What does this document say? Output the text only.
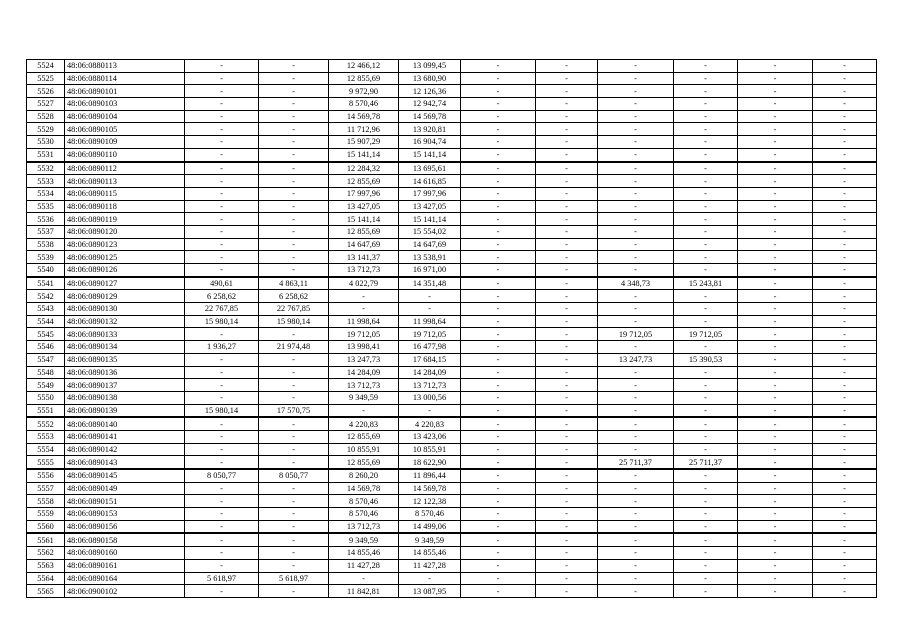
5524	48:06:0880113	-	-	12 466,12	13 099,45	-	-	-	-	-	-
5525	48:06:0880114	-	-	12 855,69	13 680,90	-	-	-	-	-	-
5526	48:06:0890101	-	-	9 972,90	12 126,36	-	-	-	-	-	-
5527	48:06:0890103	-	-	8 570,46	12 942,74	-	-	-	-	-	-
5528	48:06:0890104	-	-	14 569,78	14 569,78	-	-	-	-	-	-
5529	48:06:0890105	-	-	11 712,96	13 920,81	-	-	-	-	-	-
5530	48:06:0890109	-	-	15 907,29	16 904,74	-	-	-	-	-	-
5531	48:06:0890110	-	-	15 141,14	15 141,14	-	-	-	-	-	-
5532	48:06:0890112	-	-	12 284,32	13 695,61	-	-	-	-	-	-
5533	48:06:0890113	-	-	12 855,69	14 616,85	-	-	-	-	-	-
5534	48:06:0890115	-	-	17 997,96	17 997,96	-	-	-	-	-	-
5535	48:06:0890118	-	-	13 427,05	13 427,05	-	-	-	-	-	-
5536	48:06:0890119	-	-	15 141,14	15 141,14	-	-	-	-	-	-
5537	48:06:0890120	-	-	12 855,69	15 554,02	-	-	-	-	-	-
5538	48:06:0890123	-	-	14 647,69	14 647,69	-	-	-	-	-	-
5539	48:06:0890125	-	-	13 141,37	13 538,91	-	-	-	-	-	-
5540	48:06:0890126	-	-	13 712,73	16 971,00	-	-	-	-	-	-
5541	48:06:0890127	490,61	4 863,11	4 022,79	14 351,48	-	-	4 348,73	15 243,81	-	-
5542	48:06:0890129	6 258,62	6 258,62	-	-	-	-	-	-	-	-
5543	48:06:0890130	22 767,85	22 767,85	-	-	-	-	-	-	-	-
5544	48:06:0890132	15 980,14	15 980,14	11 998,64	11 998,64	-	-	-	-	-	-
5545	48:06:0890133	-	-	19 712,05	19 712,05	-	-	19 712,05	19 712,05	-	-
5546	48:06:0890134	1 936,27	21 974,48	13 998,41	16 477,98	-	-	-	-	-	-
5547	48:06:0890135	-	-	13 247,73	17 684,15	-	-	13 247,73	15 390,53	-	-
5548	48:06:0890136	-	-	14 284,09	14 284,09	-	-	-	-	-	-
5549	48:06:0890137	-	-	13 712,73	13 712,73	-	-	-	-	-	-
5550	48:06:0890138	-	-	9 349,59	13 000,56	-	-	-	-	-	-
5551	48:06:0890139	15 980,14	17 570,75	-	-	-	-	-	-	-	-
5552	48:06:0890140	-	-	4 220,83	4 220,83	-	-	-	-	-	-
5553	48:06:0890141	-	-	12 855,69	13 423,06	-	-	-	-	-	-
5554	48:06:0890142	-	-	10 855,91	10 855,91	-	-	-	-	-	-
5555	48:06:0890143	-	-	12 855,69	18 622,90	-	-	25 711,37	25 711,37	-	-
5556	48:06:0890145	8 050,77	8 050,77	8 260,20	11 896,44	-	-	-	-	-	-
5557	48:06:0890149	-	-	14 569,78	14 569,78	-	-	-	-	-	-
5558	48:06:0890151	-	-	8 570,46	12 122,38	-	-	-	-	-	-
5559	48:06:0890153	-	-	8 570,46	8 570,46	-	-	-	-	-	-
5560	48:06:0890156	-	-	13 712,73	14 499,06	-	-	-	-	-	-
5561	48:06:0890158	-	-	9 349,59	9 349,59	-	-	-	-	-	-
5562	48:06:0890160	-	-	14 855,46	14 855,46	-	-	-	-	-	-
5563	48:06:0890161	-	-	11 427,28	11 427,28	-	-	-	-	-	-
5564	48:06:0890164	5 618,97	5 618,97	-	-	-	-	-	-	-	-
5565	48:06:0900102	-	-	11 842,81	13 087,95	-	-	-	-	-	-
